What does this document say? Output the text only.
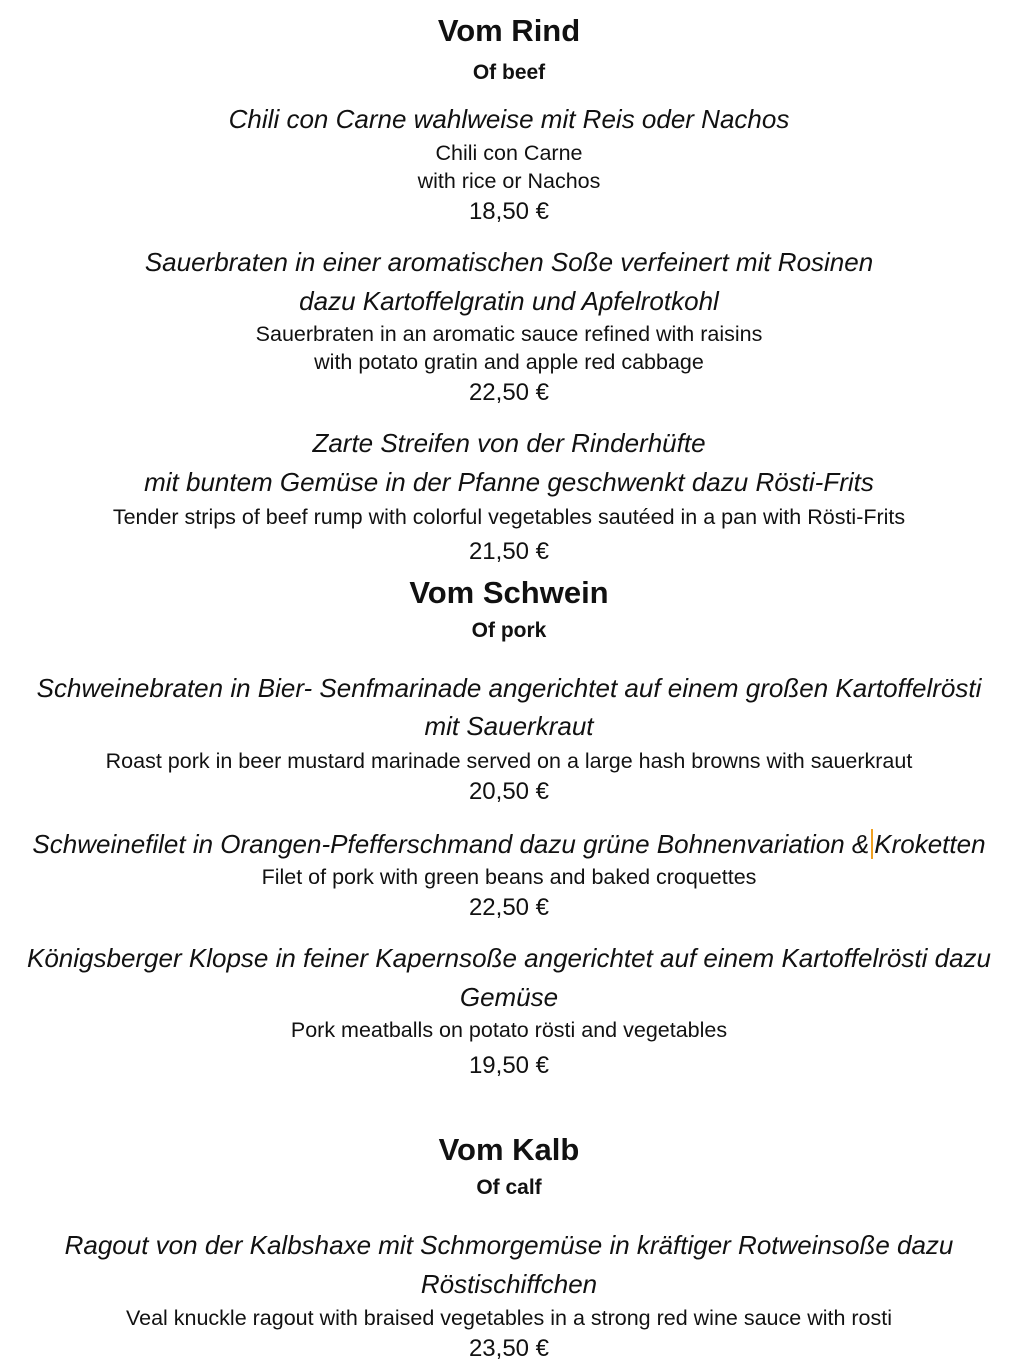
Vom Rind
Of beef
Chili con Carne wahlweise mit Reis oder Nachos
Chili con Carne
with rice or Nachos
18,50 €
Sauerbraten in einer aromatischen Soße verfeinert mit Rosinen
dazu Kartoffelgratin und Apfelrotkohl
Sauerbraten in an aromatic sauce refined with raisins
with potato gratin and apple red cabbage
22,50 €
Zarte Streifen von der Rinderhüfte
mit buntem Gemüse in der Pfanne geschwenkt dazu Rösti-Frits
Tender strips of beef rump with colorful vegetables sautéed in a pan with Rösti-Frits
21,50 €
Vom Schwein
Of pork
Schweinebraten in Bier- Senfmarinade angerichtet auf einem großen Kartoffelrösti
mit Sauerkraut
Roast pork in beer mustard marinade served on a large hash browns with sauerkraut
20,50 €
Schweinefilet in Orangen-Pfefferschmand dazu grüne Bohnenvariation & Kroketten
Filet of pork with green beans and baked croquettes
22,50 €
Königsberger Klopse in feiner Kapernsoße angerichtet auf einem Kartoffelrösti dazu
Gemüse
Pork meatballs on potato rösti and vegetables
19,50 €
Vom Kalb
Of calf
Ragout von der Kalbshaxe mit Schmorgemüse in kräftiger Rotweinsoße dazu
Röstischiffchen
Veal knuckle ragout with braised vegetables in a strong red wine sauce with rosti
23,50 €
